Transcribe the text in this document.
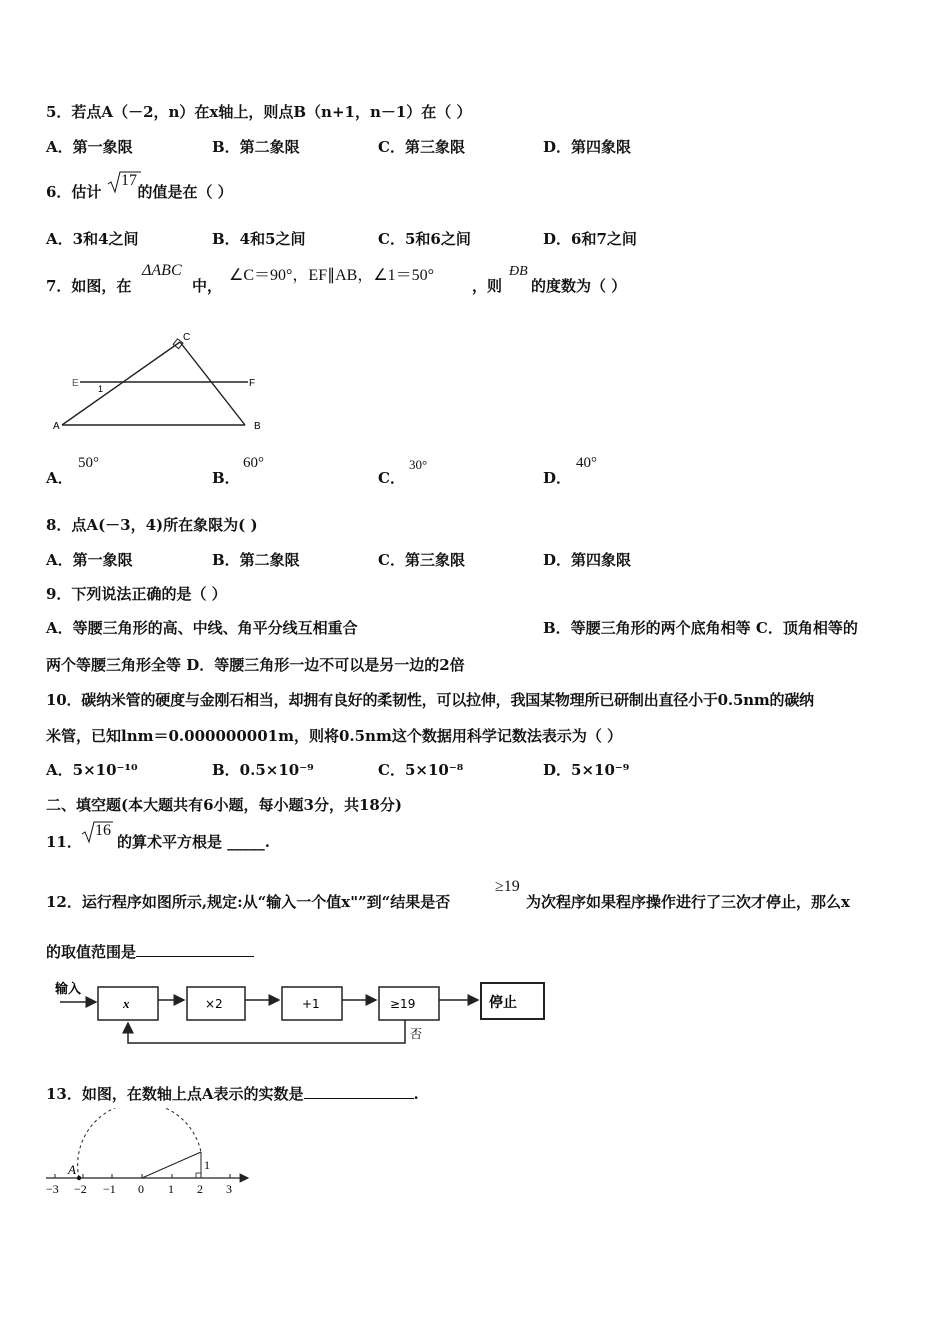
5．若点A（－2，n）在x轴上，则点B（n+1，n－1）在（ ）
A．第一象限	B．第二象限	C．第三象限	D．第四象限
6．估计 的值是在（ ）
17
A．3和4之间	B．4和5之间	C．5和6之间	D．6和7之间
7．如图，在
ΔABC
中，
∠C＝90°，EF∥AB，∠1＝50°
，则
ÐB
的度数为（ ）
C
E	F
A	B
1
A．
50°
B．
60°
C．
30°
D．
40°
8．点A(－3，4)所在象限为( )
A．第一象限	B．第二象限	C．第三象限	D．第四象限
9．下列说法正确的是（ ）
A．等腰三角形的高、中线、角平分线互相重合	B．等腰三角形的两个底角相等 C．顶角相等的
两个等腰三角形全等 D．等腰三角形一边不可以是另一边的2倍
10．碳纳米管的硬度与金刚石相当，却拥有良好的柔韧性，可以拉伸，我国某物理所已研制出直径小于0.5nm的碳纳
米管，已知lnm＝0.000000001m，则将0.5nm这个数据用科学记数法表示为（ ）
A．5×10⁻¹⁰	B．0.5×10⁻⁹	C．5×10⁻⁸	D．5×10⁻⁹
二、填空题(本大题共有6小题，每小题3分，共18分)
11．
16
的算术平方根是 _____.
12．运行程序如图所示,规定:从“输入一个值x"”到“结果是否
≥19
为次程序如果程序操作进行了三次才停止，那么x
的取值范围是
输入
x	×2	+1	≥19	停止
否
13．如图，在数轴上点A表示的实数是	.
−3 −2 −1 0 1 2 3
A	1
